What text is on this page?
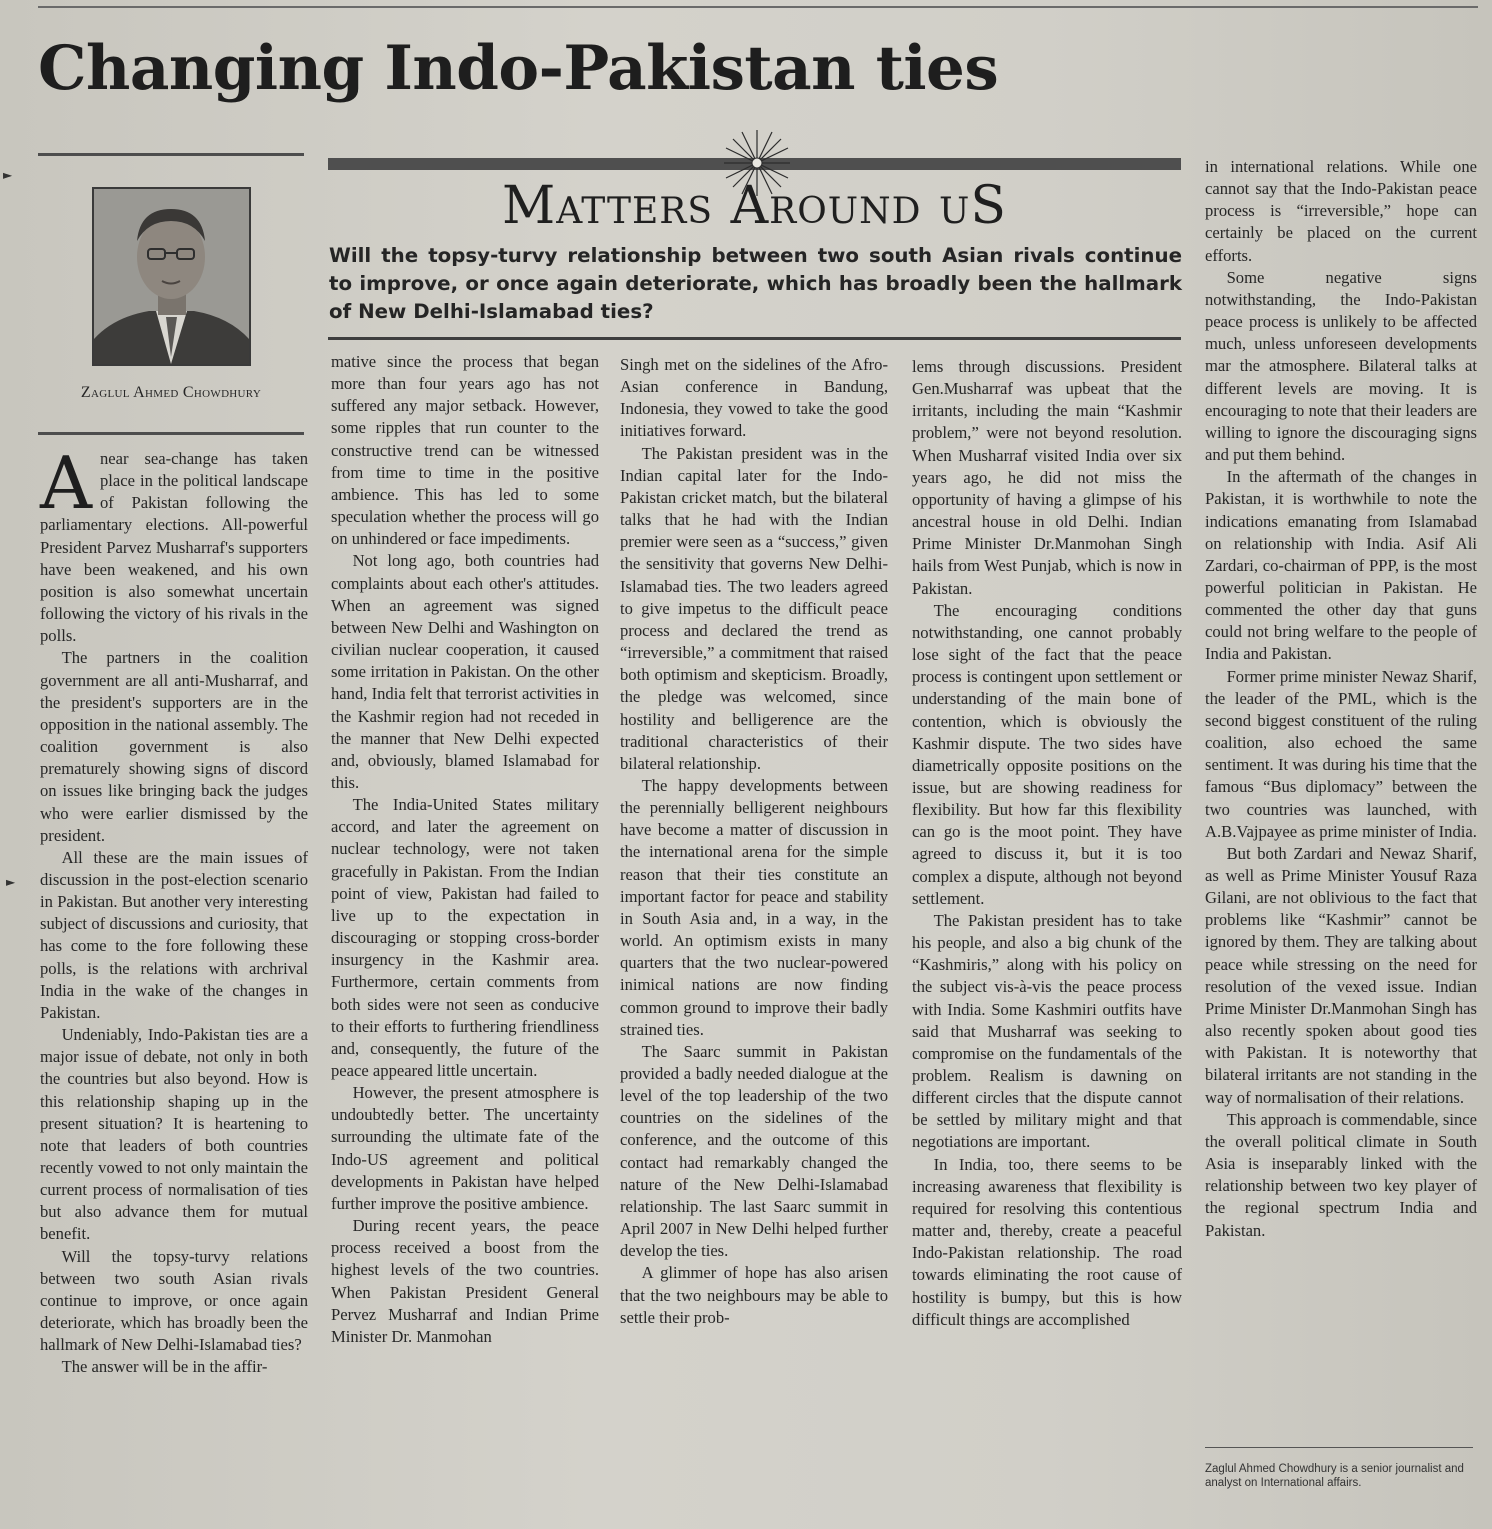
►
►
Changing Indo-Pakistan ties
Zaglul Ahmed Chowdhury
Matters Around uS
Will the topsy-turvy relationship between two south Asian rivals continue to improve, or once again deteriorate, which has broadly been the hallmark of New Delhi-Islamabad ties?

Anear sea-change has taken place in the political landscape of Pakistan following the parliamentary elections. All-powerful President Parvez Musharraf's supporters have been weakened, and his own position is also somewhat uncertain following the victory of his rivals in the polls.

The partners in the coalition government are all anti-Musharraf, and the president's supporters are in the opposition in the national assembly. The coalition government is also prematurely showing signs of discord on issues like bringing back the judges who were earlier dismissed by the president.

All these are the main issues of discussion in the post-election scenario in Pakistan. But another very interesting subject of discussions and curiosity, that has come to the fore following these polls, is the relations with archrival India in the wake of the changes in Pakistan.

Undeniably, Indo-Pakistan ties are a major issue of debate, not only in both the countries but also beyond. How is this relationship shaping up in the present situation? It is heartening to note that leaders of both countries recently vowed to not only maintain the current process of normalisation of ties but also advance them for mutual benefit.

Will the topsy-turvy relations between two south Asian rivals continue to improve, or once again deteriorate, which has broadly been the hallmark of New Delhi-Islamabad ties?

The answer will be in the affir-

mative since the process that began more than four years ago has not suffered any major setback. However, some ripples that run counter to the constructive trend can be witnessed from time to time in the positive ambience. This has led to some speculation whether the process will go on unhindered or face impediments.

Not long ago, both countries had complaints about each other's attitudes. When an agreement was signed between New Delhi and Washington on civilian nuclear cooperation, it caused some irritation in Pakistan. On the other hand, India felt that terrorist activities in the Kashmir region had not receded in the manner that New Delhi expected and, obviously, blamed Islamabad for this.

The India-United States military accord, and later the agreement on nuclear technology, were not taken gracefully in Pakistan. From the Indian point of view, Pakistan had failed to live up to the expectation in discouraging or stopping cross-border insurgency in the Kashmir area. Furthermore, certain comments from both sides were not seen as conducive to their efforts to furthering friendliness and, consequently, the future of the peace appeared little uncertain.

However, the present atmosphere is undoubtedly better. The uncertainty surrounding the ultimate fate of the Indo-US agreement and political developments in Pakistan have helped further improve the positive ambience.

During recent years, the peace process received a boost from the highest levels of the two countries. When Pakistan President General Pervez Musharraf and Indian Prime Minister Dr. Manmohan

Singh met on the sidelines of the Afro-Asian conference in Bandung, Indonesia, they vowed to take the good initiatives forward.

The Pakistan president was in the Indian capital later for the Indo-Pakistan cricket match, but the bilateral talks that he had with the Indian premier were seen as a “success,” given the sensitivity that governs New Delhi-Islamabad ties. The two leaders agreed to give impetus to the difficult peace process and declared the trend as “irreversible,” a commitment that raised both optimism and skepticism. Broadly, the pledge was welcomed, since hostility and belligerence are the traditional characteristics of their bilateral relationship.

The happy developments between the perennially belligerent neighbours have become a matter of discussion in the international arena for the simple reason that their ties constitute an important factor for peace and stability in South Asia and, in a way, in the world. An optimism exists in many quarters that the two nuclear-powered inimical nations are now finding common ground to improve their badly strained ties.

The Saarc summit in Pakistan provided a badly needed dialogue at the level of the top leadership of the two countries on the sidelines of the conference, and the outcome of this contact had remarkably changed the nature of the New Delhi-Islamabad relationship. The last Saarc summit in April 2007 in New Delhi helped further develop the ties.

A glimmer of hope has also arisen that the two neighbours may be able to settle their prob-

lems through discussions. President Gen.Musharraf was upbeat that the irritants, including the main “Kashmir problem,” were not beyond resolution. When Musharraf visited India over six years ago, he did not miss the opportunity of having a glimpse of his ancestral house in old Delhi. Indian Prime Minister Dr.Manmohan Singh hails from West Punjab, which is now in Pakistan.

The encouraging conditions notwithstanding, one cannot probably lose sight of the fact that the peace process is contingent upon settlement or understanding of the main bone of contention, which is obviously the Kashmir dispute. The two sides have diametrically opposite positions on the issue, but are showing readiness for flexibility. But how far this flexibility can go is the moot point. They have agreed to discuss it, but it is too complex a dispute, although not beyond settlement.

The Pakistan president has to take his people, and also a big chunk of the “Kashmiris,” along with his policy on the subject vis-à-vis the peace process with India. Some Kashmiri outfits have said that Musharraf was seeking to compromise on the fundamentals of the problem. Realism is dawning on different circles that the dispute cannot be settled by military might and that negotiations are important.

In India, too, there seems to be increasing awareness that flexibility is required for resolving this contentious matter and, thereby, create a peaceful Indo-Pakistan relationship. The road towards eliminating the root cause of hostility is bumpy, but this is how difficult things are accomplished

in international relations. While one cannot say that the Indo-Pakistan peace process is “irreversible,” hope can certainly be placed on the current efforts.

Some negative signs notwithstanding, the Indo-Pakistan peace process is unlikely to be affected much, unless unforeseen developments mar the atmosphere. Bilateral talks at different levels are moving. It is encouraging to note that their leaders are willing to ignore the discouraging signs and put them behind.

In the aftermath of the changes in Pakistan, it is worthwhile to note the indications emanating from Islamabad on relationship with India. Asif Ali Zardari, co-chairman of PPP, is the most powerful politician in Pakistan. He commented the other day that guns could not bring welfare to the people of India and Pakistan.

Former prime minister Newaz Sharif, the leader of the PML, which is the second biggest constituent of the ruling coalition, also echoed the same sentiment. It was during his time that the famous “Bus diplomacy” between the two countries was launched, with A.B.Vajpayee as prime minister of India.

But both Zardari and Newaz Sharif, as well as Prime Minister Yousuf Raza Gilani, are not oblivious to the fact that problems like “Kashmir” cannot be ignored by them. They are talking about peace while stressing on the need for resolution of the vexed issue. Indian Prime Minister Dr.Manmohan Singh has also recently spoken about good ties with Pakistan. It is noteworthy that bilateral irritants are not standing in the way of normalisation of their relations.

This approach is commendable, since the overall political climate in South Asia is inseparably linked with the relationship between two key player of the regional spectrum India and Pakistan.

Zaglul Ahmed Chowdhury is a senior journalist and analyst on International affairs.
